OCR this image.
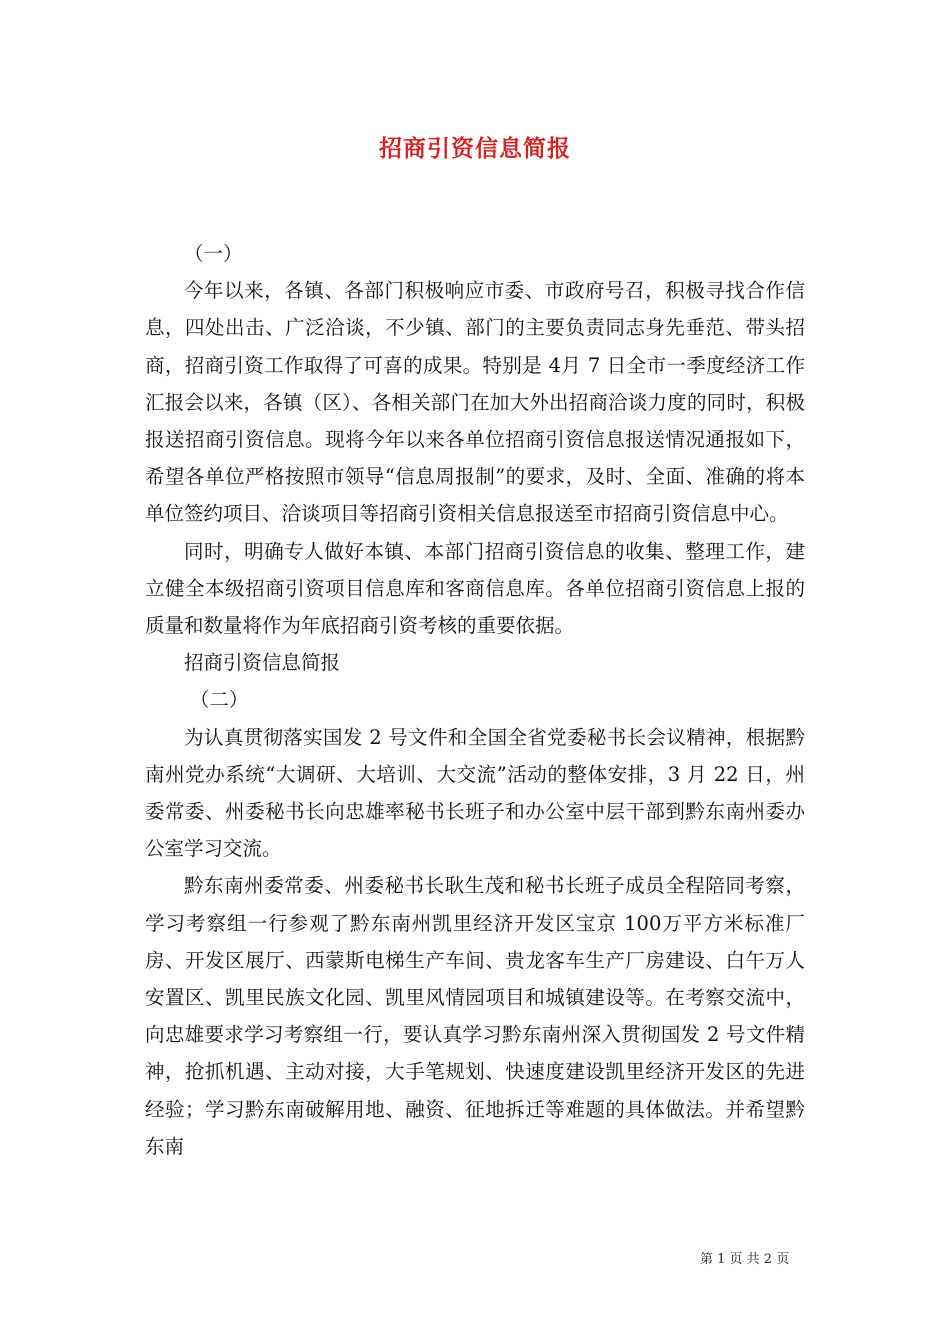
招商引资信息简报

（一）

今年以来，各镇、各部门积极响应市委、市政府号召，积极寻找合作信息，四处出击、广泛洽谈，不少镇、部门的主要负责同志身先垂范、带头招商，招商引资工作取得了可喜的成果。特别是 4月 7 日全市一季度经济工作汇报会以来，各镇（区）、各相关部门在加大外出招商洽谈力度的同时，积极报送招商引资信息。现将今年以来各单位招商引资信息报送情况通报如下，希望各单位严格按照市领导“信息周报制”的要求，及时、全面、准确的将本单位签约项目、洽谈项目等招商引资相关信息报送至市招商引资信息中心。

同时，明确专人做好本镇、本部门招商引资信息的收集、整理工作，建立健全本级招商引资项目信息库和客商信息库。各单位招商引资信息上报的质量和数量将作为年底招商引资考核的重要依据。

招商引资信息简报

（二）

为认真贯彻落实国发 2 号文件和全国全省党委秘书长会议精神，根据黔南州党办系统“大调研、大培训、大交流”活动的整体安排，3 月 22 日，州委常委、州委秘书长向忠雄率秘书长班子和办公室中层干部到黔东南州委办公室学习交流。

黔东南州委常委、州委秘书长耿生茂和秘书长班子成员全程陪同考察，学习考察组一行参观了黔东南州凯里经济开发区宝京 100万平方米标准厂房、开发区展厅、西蒙斯电梯生产车间、贵龙客车生产厂房建设、白午万人安置区、凯里民族文化园、凯里风情园项目和城镇建设等。在考察交流中，向忠雄要求学习考察组一行，要认真学习黔东南州深入贯彻国发 2 号文件精神，抢抓机遇、主动对接，大手笔规划、快速度建设凯里经济开发区的先进经验；学习黔东南破解用地、融资、征地拆迁等难题的具体做法。并希望黔东南

第 1 页 共 2 页
